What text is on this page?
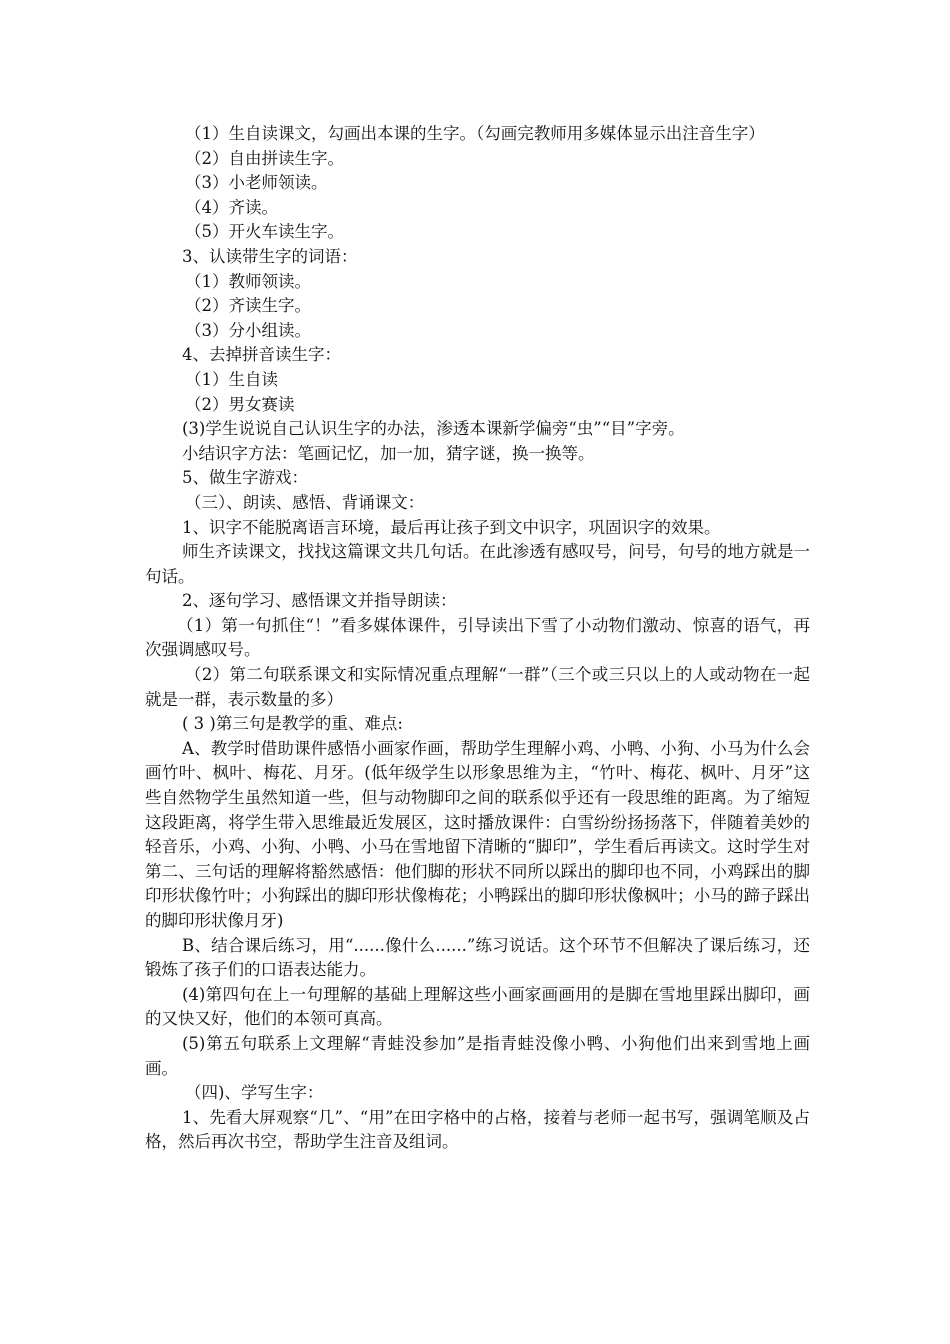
（1）生自读课文，勾画出本课的生字。（勾画完教师用多媒体显示出注音生字）

（2）自由拼读生字。

（3）小老师领读。

（4）齐读。

（5）开火车读生字。

3、认读带生字的词语：

（1）教师领读。

（2）齐读生字。

（3）分小组读。

4、去掉拼音读生字：

（1）生自读

（2）男女赛读

(3)学生说说自己认识生字的办法，渗透本课新学偏旁“虫”“目”字旁。

小结识字方法：笔画记忆，加一加，猜字谜，换一换等。

5、做生字游戏：

（三）、朗读、感悟、背诵课文：

1、识字不能脱离语言环境，最后再让孩子到文中识字，巩固识字的效果。

师生齐读课文，找找这篇课文共几句话。在此渗透有感叹号，问号，句号的地方就是一句话。

2、逐句学习、感悟课文并指导朗读：

（1）第一句抓住“！”看多媒体课件，引导读出下雪了小动物们激动、惊喜的语气，再次强调感叹号。

（2）第二句联系课文和实际情况重点理解“一群”（三个或三只以上的人或动物在一起就是一群，表示数量的多）

( 3 )第三句是教学的重、难点:

A、教学时借助课件感悟小画家作画，帮助学生理解小鸡、小鸭、小狗、小马为什么会画竹叶、枫叶、梅花、月牙。(低年级学生以形象思维为主，“竹叶、梅花、枫叶、月牙”这些自然物学生虽然知道一些，但与动物脚印之间的联系似乎还有一段思维的距离。为了缩短这段距离，将学生带入思维最近发展区，这时播放课件：白雪纷纷扬扬落下，伴随着美妙的轻音乐，小鸡、小狗、小鸭、小马在雪地留下清晰的“脚印”，学生看后再读文。这时学生对第二、三句话的理解将豁然感悟：他们脚的形状不同所以踩出的脚印也不同，小鸡踩出的脚印形状像竹叶；小狗踩出的脚印形状像梅花；小鸭踩出的脚印形状像枫叶；小马的蹄子踩出的脚印形状像月牙)

B、结合课后练习，用“......像什么......”练习说话。这个环节不但解决了课后练习，还锻炼了孩子们的口语表达能力。

(4)第四句在上一句理解的基础上理解这些小画家画画用的是脚在雪地里踩出脚印，画的又快又好，他们的本领可真高。

(5)第五句联系上文理解“青蛙没参加”是指青蛙没像小鸭、小狗他们出来到雪地上画画。

（四)、学写生字：

1、先看大屏观察“几”、“用”在田字格中的占格，接着与老师一起书写，强调笔顺及占格，然后再次书空，帮助学生注音及组词。
